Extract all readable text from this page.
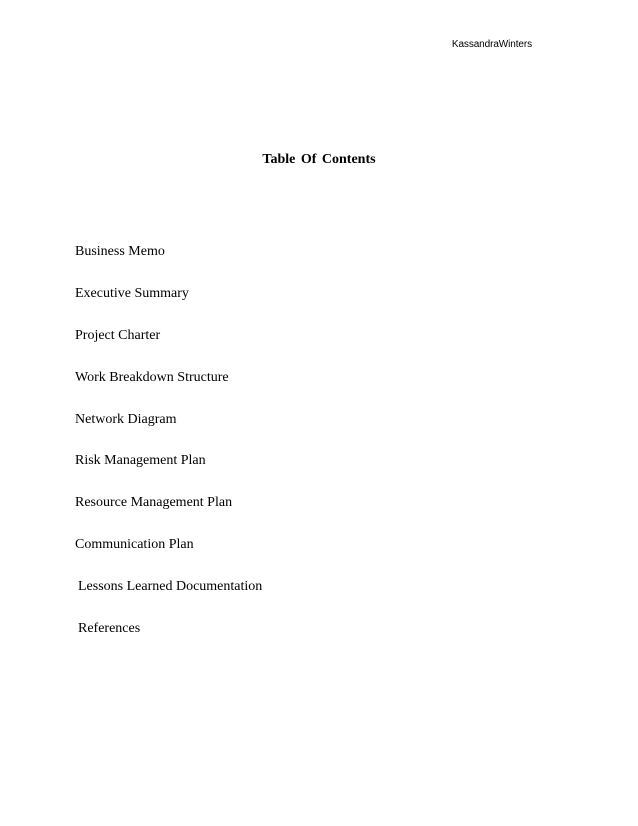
KassandraWinters
Table Of Contents
Business Memo
Executive Summary
Project Charter
Work Breakdown Structure
Network Diagram
Risk Management Plan
Resource Management Plan
Communication Plan
Lessons Learned Documentation
References
